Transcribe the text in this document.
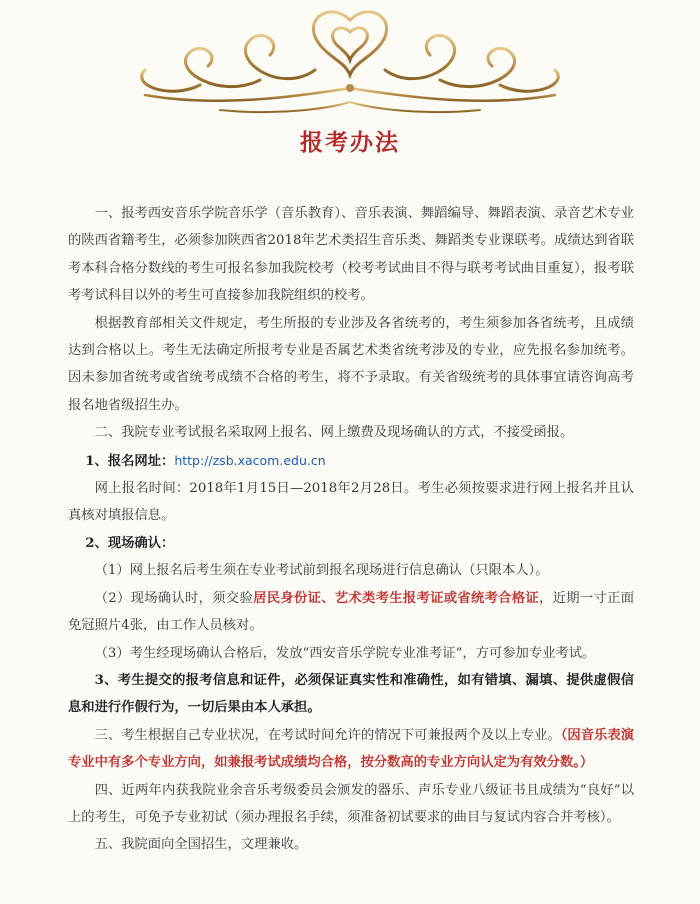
报考办法

一、报考西安音乐学院音乐学（音乐教育）、音乐表演、舞蹈编导、舞蹈表演、录音艺术专业的陕西省籍考生，必须参加陕西省2018年艺术类招生音乐类、舞蹈类专业课联考。成绩达到省联考本科合格分数线的考生可报名参加我院校考（校考考试曲目不得与联考考试曲目重复），报考联考考试科目以外的考生可直接参加我院组织的校考。

根据教育部相关文件规定，考生所报的专业涉及各省统考的，考生须参加各省统考，且成绩达到合格以上。考生无法确定所报考专业是否属艺术类省统考涉及的专业，应先报名参加统考。因未参加省统考或省统考成绩不合格的考生，将不予录取。有关省级统考的具体事宜请咨询高考报名地省级招生办。

二、我院专业考试报名采取网上报名、网上缴费及现场确认的方式，不接受函报。

1、报名网址：http://zsb.xacom.edu.cn

网上报名时间：2018年1月15日—2018年2月28日。考生必须按要求进行网上报名并且认真核对填报信息。

2、现场确认：

（1）网上报名后考生须在专业考试前到报名现场进行信息确认（只限本人）。

（2）现场确认时，须交验居民身份证、艺术类考生报考证或省统考合格证，近期一寸正面免冠照片4张，由工作人员核对。

（3）考生经现场确认合格后，发放“西安音乐学院专业准考证”，方可参加专业考试。

3、考生提交的报考信息和证件，必须保证真实性和准确性，如有错填、漏填、提供虚假信息和进行作假行为，一切后果由本人承担。

三、考生根据自己专业状况，在考试时间允许的情况下可兼报两个及以上专业。（因音乐表演专业中有多个专业方向，如兼报考试成绩均合格，按分数高的专业方向认定为有效分数。）

四、近两年内获我院业余音乐考级委员会颁发的器乐、声乐专业八级证书且成绩为“良好”以上的考生，可免予专业初试（须办理报名手续，须准备初试要求的曲目与复试内容合并考核）。

五、我院面向全国招生，文理兼收。
